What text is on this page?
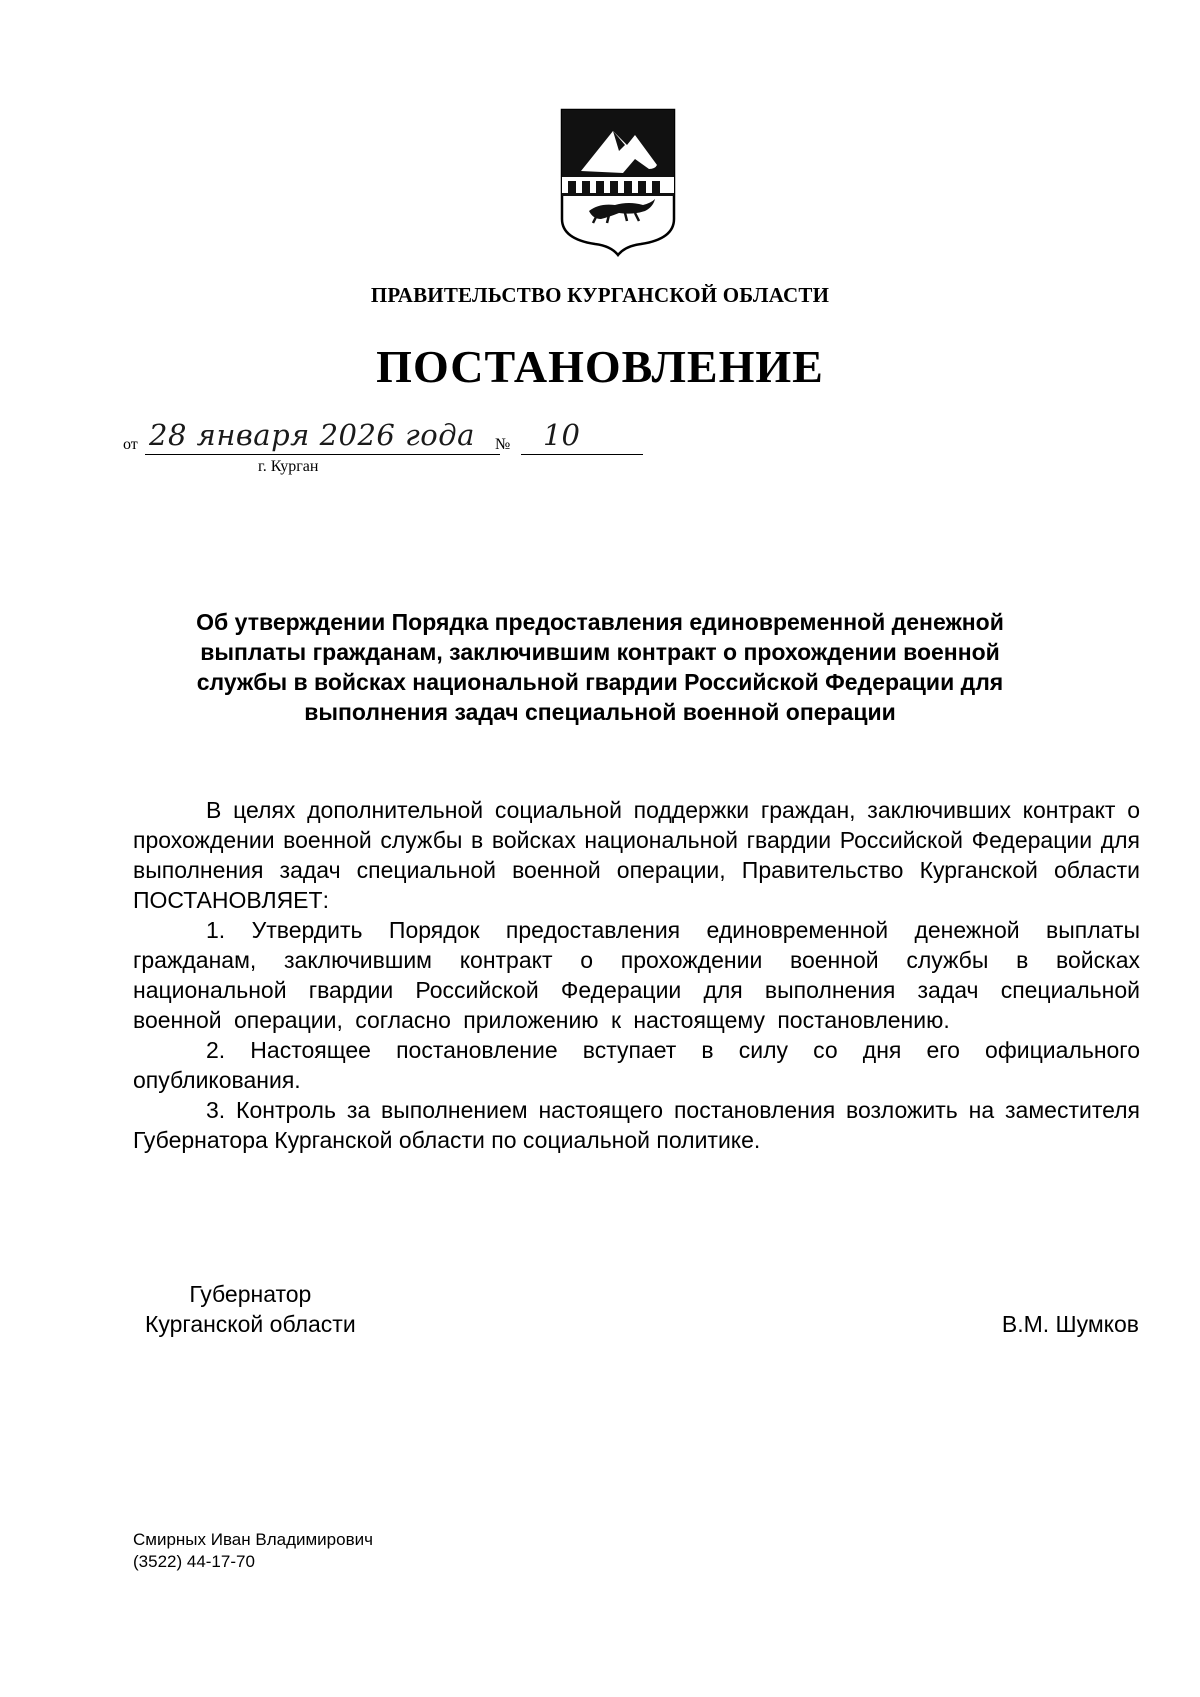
ПРАВИТЕЛЬСТВО КУРГАНСКОЙ ОБЛАСТИ
ПОСТАНОВЛЕНИЕ
от 28 января 2026 года № 10
г. Курган
Об утверждении Порядка предоставления единовременной денежной выплаты гражданам, заключившим контракт о прохождении военной службы в войсках национальной гвардии Российской Федерации для выполнения задач специальной военной операции

В целях дополнительной социальной поддержки граждан, заключивших контракт о прохождении военной службы в войсках национальной гвардии Российской Федерации для выполнения задач специальной военной операции, Правительство Курганской области ПОСТАНОВЛЯЕТ:

1. Утвердить Порядок предоставления единовременной денежной выплаты гражданам, заключившим контракт о прохождении военной службы в войсках национальной гвардии Российской Федерации для выполнения задач специальной военной операции, согласно приложению к настоящему постановлению.

2. Настоящее постановление вступает в силу со дня его официального опубликования.

3. Контроль за выполнением настоящего постановления возложить на заместителя Губернатора Курганской области по социальной политике.

Губернатор
Курганской области	В.М. Шумков
Смирных Иван Владимирович
(3522) 44-17-70
